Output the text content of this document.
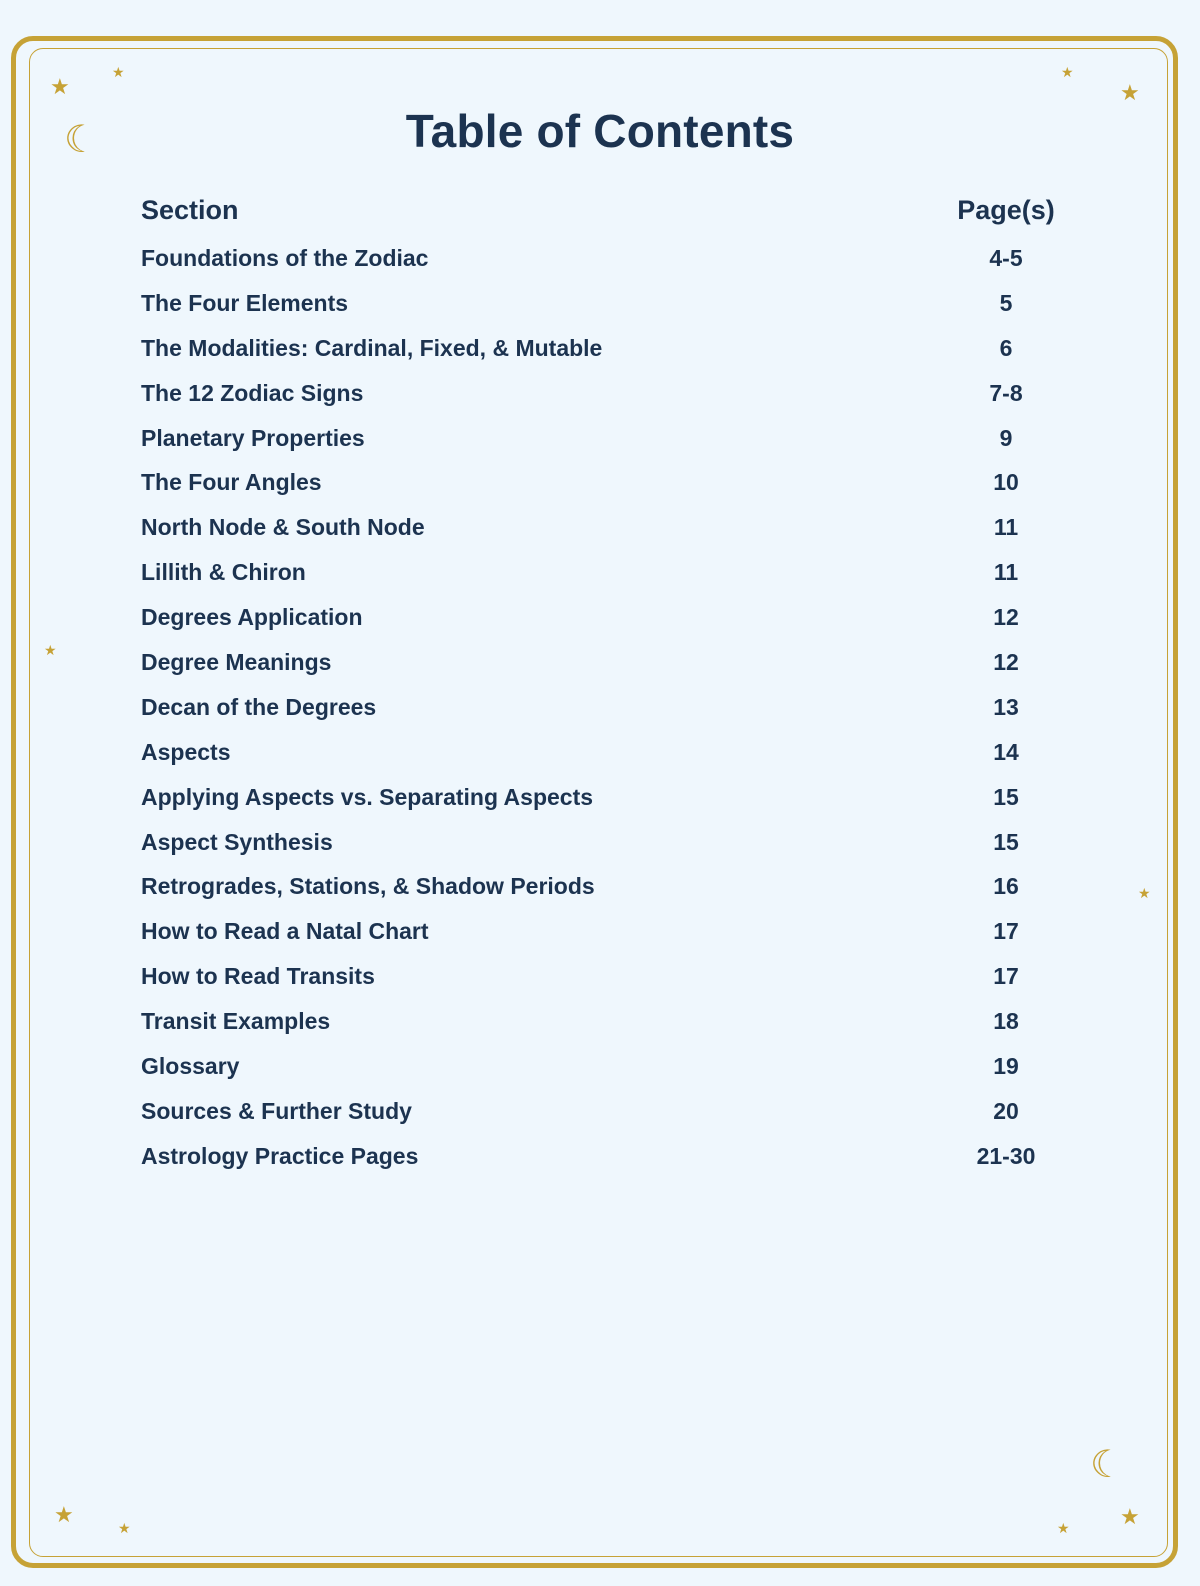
★
★
☾
★
★
★
★
☾
★
★	★ ★
Table of Contents
Section	Page(s)
Foundations of the Zodiac	4-5
The Four Elements	5
The Modalities: Cardinal, Fixed, & Mutable	6
The 12 Zodiac Signs	7-8
Planetary Properties	9
The Four Angles	10
North Node & South Node	11
Lillith & Chiron	11
Degrees Application	12
Degree Meanings	12
Decan of the Degrees	13
Aspects	14
Applying Aspects vs. Separating Aspects	15
Aspect Synthesis	15
Retrogrades, Stations, & Shadow Periods	16
How to Read a Natal Chart	17
How to Read Transits	17
Transit Examples	18
Glossary	19
Sources & Further Study	20
Astrology Practice Pages	21-30
